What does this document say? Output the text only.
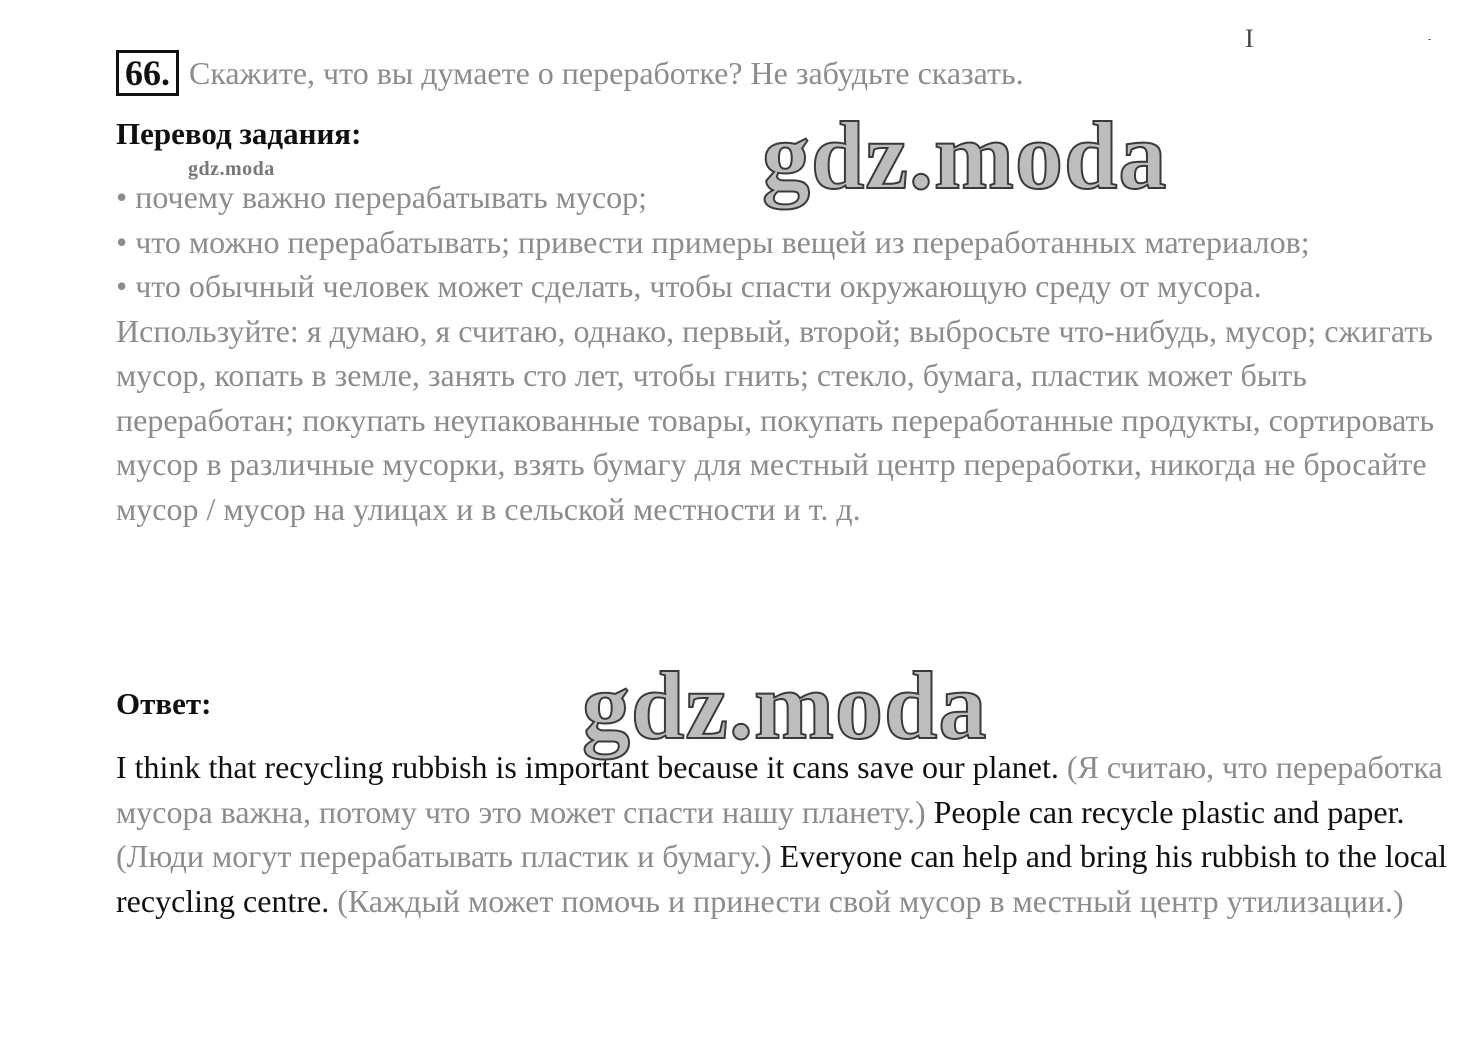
I	-
66. Скажите, что вы думаете о переработке? Не забудьте сказать.
Перевод задания:
gdz.moda
• почему важно перерабатывать мусор;
• что можно перерабатывать; привести примеры вещей из переработанных материалов;
• что обычный человек может сделать, чтобы спасти окружающую среду от мусора.
Используйте: я думаю, я считаю, однако, первый, второй; выбросьте что-нибудь, мусор; сжигать мусор, копать в земле, занять сто лет, чтобы гнить; стекло, бумага, пластик может быть переработан; покупать неупакованные товары, покупать переработанные продукты, сортировать мусор в различные мусорки, взять бумагу для местный центр переработки, никогда не бросайте мусор / мусор на улицах и в сельской местности и т. д.
gdz.moda
Ответ:	gdz.moda
I think that recycling rubbish is important because it cans save our planet. (Я считаю, что переработка мусора важна, потому что это может спасти нашу планету.) People can recycle plastic and paper. (Люди могут перерабатывать пластик и бумагу.) Everyone can help and bring his rubbish to the local recycling centre. (Каждый может помочь и принести свой мусор в местный центр утилизации.)
